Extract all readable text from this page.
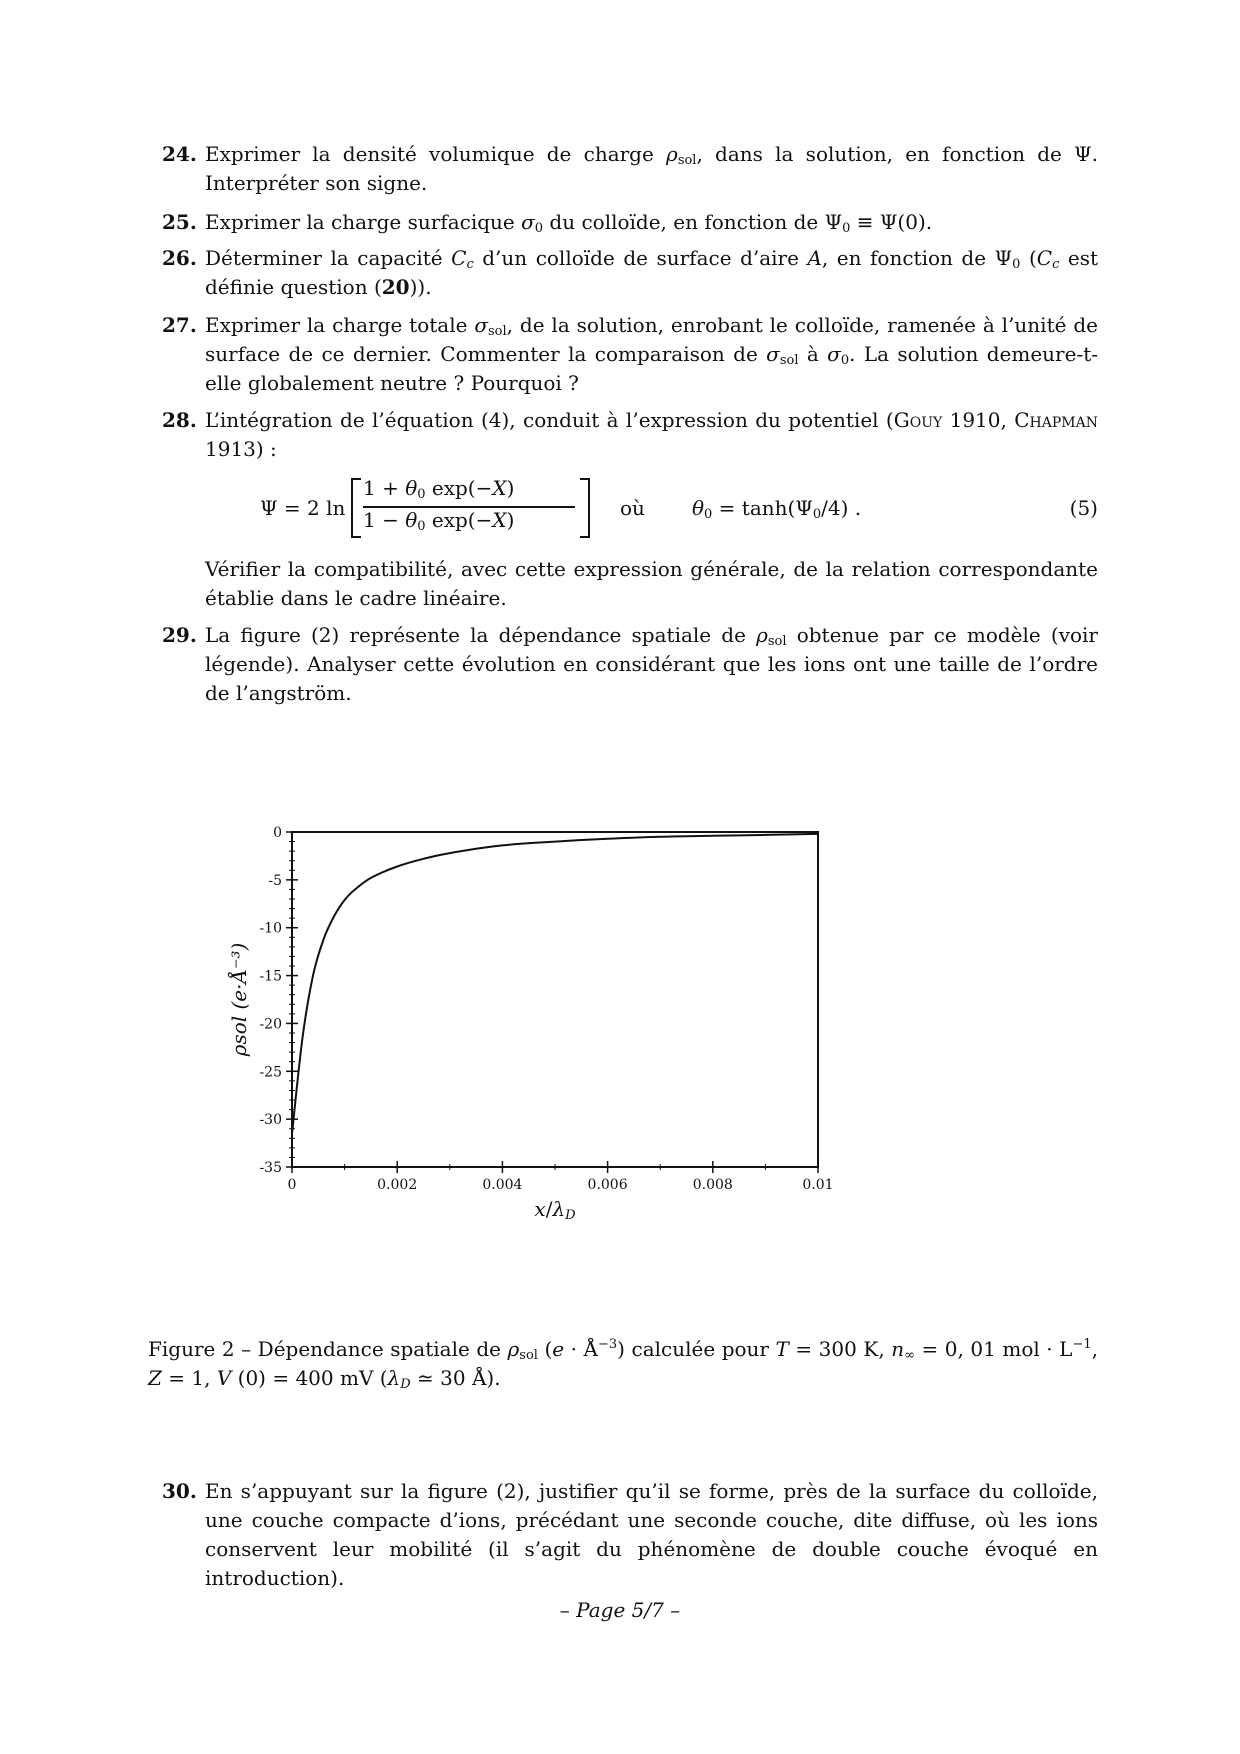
24. Exprimer la densité volumique de charge $\rho_{sol}$, dans la solution, en fonction de Ψ. Interpréter son signe.
25. Exprimer la charge surfacique $\sigma_0$ du colloïde, en fonction de $\Psi_0 \equiv \Psi(0)$.
26. Déterminer la capacité $C_c$ d’un colloïde de surface d’aire A, en fonction de $\Psi_0$ ($C_c$ est définie question (20)).
27. Exprimer la charge totale $\sigma_{sol}$, de la solution, enrobant le colloïde, ramenée à l’unité de surface de ce dernier. Commenter la comparaison de $\sigma_{sol}$ à $\sigma_0$. La solution demeure-t-elle globalement neutre ? Pourquoi ?
28. L’intégration de l’équation (4), conduit à l’expression du potentiel (Gouy 1910, Chapman 1913) :
Ψ = 2 ln
$1 + \theta_0$ exp(−X)
$1 - \theta_0$ exp(−X)	où $\theta_0 = \tanh(\Psi_0/4)$ .	(5)
Vérifier la compatibilité, avec cette expression générale, de la relation correspondante établie dans le cadre linéaire.
29. La figure (2) représente la dépendance spatiale de $\rho_{sol}$ obtenue par ce modèle (voir légende). Analyser cette évolution en considérant que les ions ont une taille de l’ordre de l’angström.
0
-5
-10
-15
-20
-25
-30
-35
0	0.002	0.004	0.006	0.008	0.01
$x/\lambda_D$
ρsol (e·Å⁻³)
Figure 2 – Dépendance spatiale de $\rho_{sol}$ $(e \cdot Å^{-3})$ calculée pour T = 300 K, $n_\infty = 0$, 01 mol · $L^{-1}$, Z = 1, V (0) = 400 mV ($\lambda_D$ ≃ 30 Å).
30. En s’appuyant sur la figure (2), justifier qu’il se forme, près de la surface du colloïde, une couche compacte d’ions, précédant une seconde couche, dite diffuse, où les ions conservent leur mobilité (il s’agit du phénomène de double couche évoqué en introduction).
– Page 5/7 –
